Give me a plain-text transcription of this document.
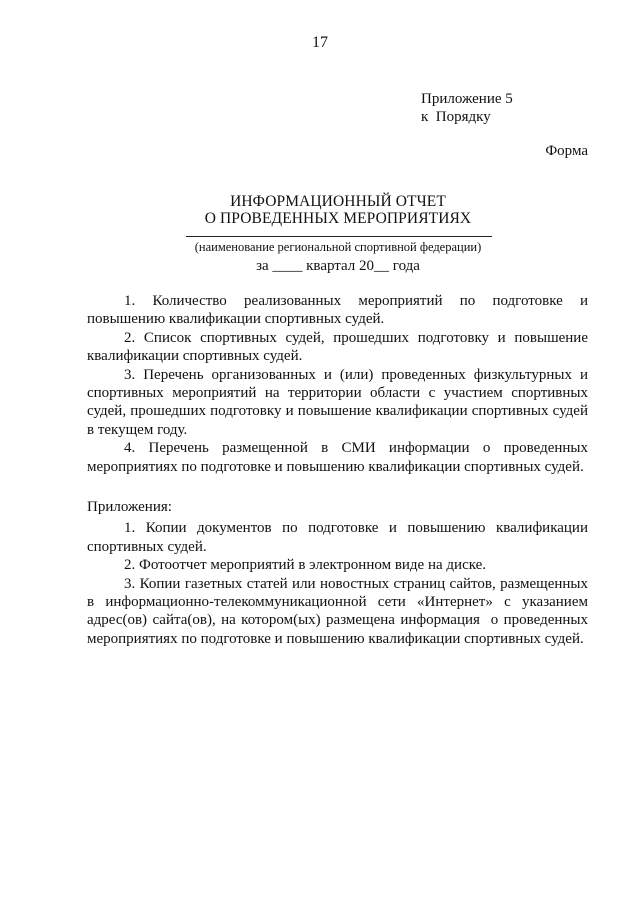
17
Приложение 5
к  Порядку
Форма
ИНФОРМАЦИОННЫЙ ОТЧЕТ
О ПРОВЕДЕННЫХ МЕРОПРИЯТИЯХ
(наименование региональной спортивной федерации)
за ____ квартал 20__ года

1. Количество реализованных мероприятий по подготовке и повышению квалификации спортивных судей.

2. Список спортивных судей, прошедших подготовку и повышение квалификации спортивных судей.

3. Перечень организованных и (или) проведенных физкультурных и спортивных мероприятий на территории области с участием спортивных судей, прошедших подготовку и повышение квалификации спортивных судей в текущем году.

4. Перечень размещенной в СМИ информации о проведенных мероприятиях по подготовке и повышению квалификации спортивных судей.

Приложения:

1. Копии документов по подготовке и повышению квалификации спортивных судей.

2. Фотоотчет мероприятий в электронном виде на диске.

3. Копии газетных статей или новостных страниц сайтов, размещенных в информационно-телекоммуникационной сети «Интернет» с указанием адрес(ов) сайта(ов), на котором(ых) размещена информация  о проведенных мероприятиях по подготовке и повышению квалификации спортивных судей.
